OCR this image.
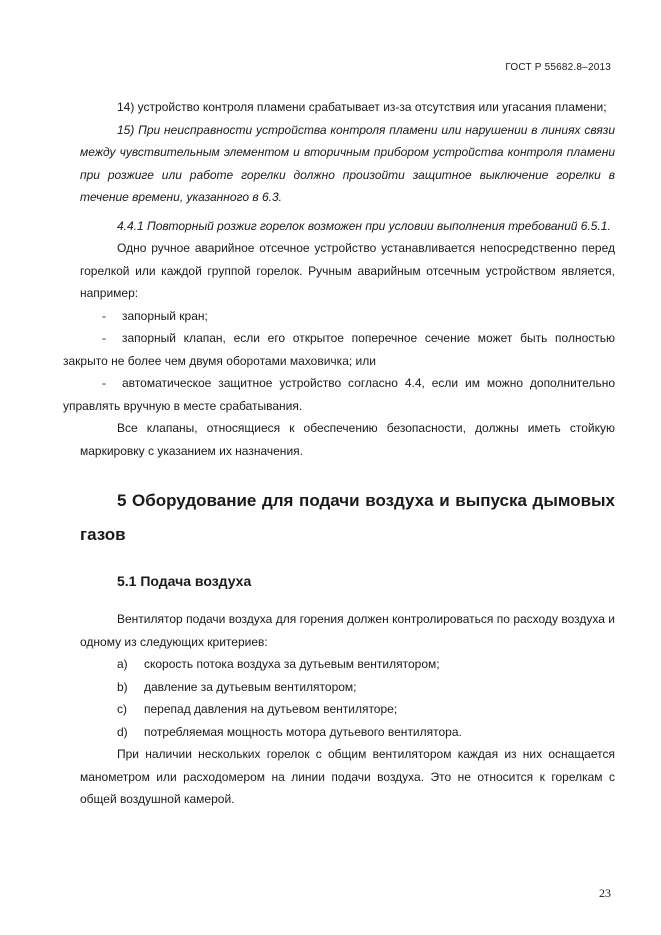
ГОСТ Р 55682.8–2013

14) устройство контроля пламени срабатывает из-за отсутствия или угасания пламени;

15) При неисправности устройства контроля пламени или нарушении в линиях связи между чувствительным элементом и вторичным прибором устройства контроля пламени при розжиге или работе горелки должно произойти защитное выключение горелки в течение времени, указанного в 6.3.

4.4.1 Повторный розжиг горелок возможен при условии выполнения требований 6.5.1.

Одно ручное аварийное отсечное устройство устанавливается непосредственно перед горелкой или каждой группой горелок. Ручным аварийным отсечным устройством является, например:

- запорный кран;

- запорный клапан, если его открытое поперечное сечение может быть полностью закрыто не более чем двумя оборотами маховичка; или

- автоматическое защитное устройство согласно 4.4, если им можно дополнительно управлять вручную в месте срабатывания.

Все клапаны, относящиеся к обеспечению безопасности, должны иметь стойкую маркировку с указанием их назначения.

5 Оборудование для подачи воздуха и выпуска дымовых газов
5.1 Подача воздуха

Вентилятор подачи воздуха для горения должен контролироваться по расходу воздуха и одному из следующих критериев:

a) скорость потока воздуха за дутьевым вентилятором;

b) давление за дутьевым вентилятором;

c) перепад давления на дутьевом вентиляторе;

d) потребляемая мощность мотора дутьевого вентилятора.

При наличии нескольких горелок с общим вентилятором каждая из них оснащается манометром или расходомером на линии подачи воздуха. Это не относится к горелкам с общей воздушной камерой.

23
